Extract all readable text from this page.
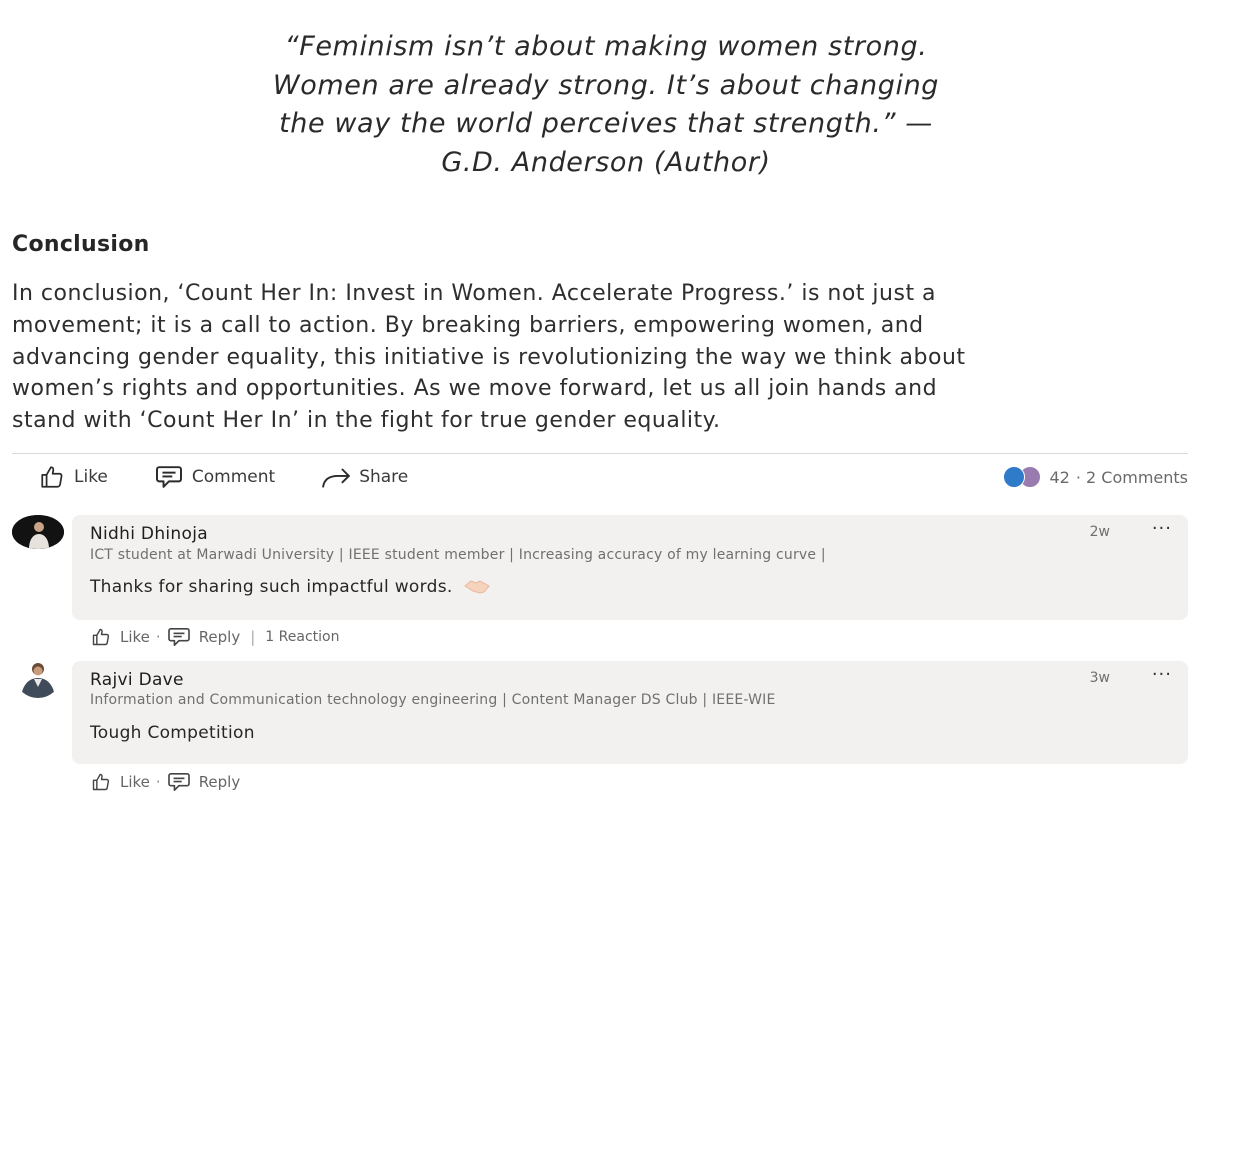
“Feminism isn’t about making women strong.
Women are already strong. It’s about changing
the way the world perceives that strength.” —
G.D. Anderson (Author)
Conclusion
In conclusion, ‘Count Her In: Invest in Women. Accelerate Progress.’ is not just a
movement; it is a call to action. By breaking barriers, empowering women, and
advancing gender equality, this initiative is revolutionizing the way we think about
women’s rights and opportunities. As we move forward, let us all join hands and
stand with ‘Count Her In’ in the fight for true gender equality.
Like	Comment	Share	42 · 2 Comments
Nidhi Dhinoja
ICT student at Marwadi University | IEEE student member | Increasing accuracy of my learning curve |
Thanks for sharing such impactful words.
2w ···
Like ·	Reply | 1 Reaction
Rajvi Dave
Information and Communication technology engineering | Content Manager DS Club | IEEE-WIE
Tough Competition
3w ···
Like ·	Reply
